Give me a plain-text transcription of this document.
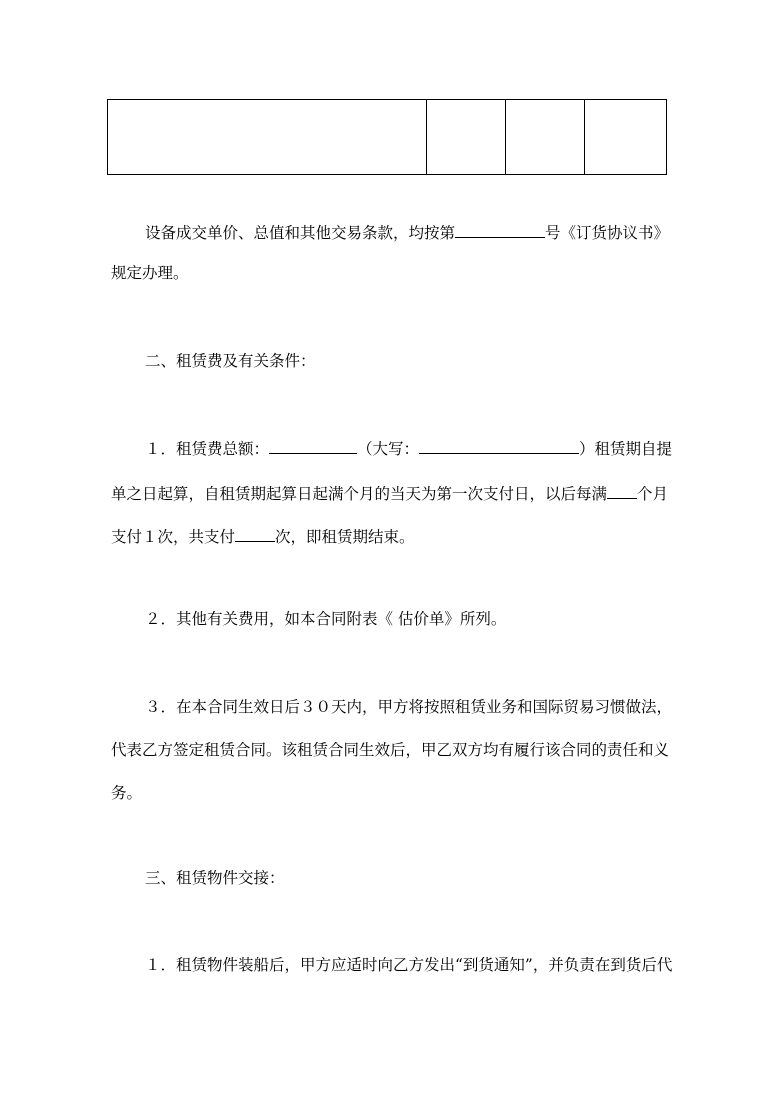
设备成交单价、总值和其他交易条款，均按第	号《订货协议书》
规定办理。
二、租赁费及有关条件：
１．租赁费总额：	（大写：	）租赁期自提
单之日起算，自租赁期起算日起满个月的当天为第一次支付日，以后每满 个月
支付１次，共支付	次，即租赁期结束。
２．其他有关费用，如本合同附表《 估价单》所列。
３．在本合同生效日后３０天内，甲方将按照租赁业务和国际贸易习惯做法，
代表乙方签定租赁合同。该租赁合同生效后，甲乙双方均有履行该合同的责任和义
务。
三、租赁物件交接：
１．租赁物件装船后，甲方应适时向乙方发出“到货通知”，并负责在到货后代
